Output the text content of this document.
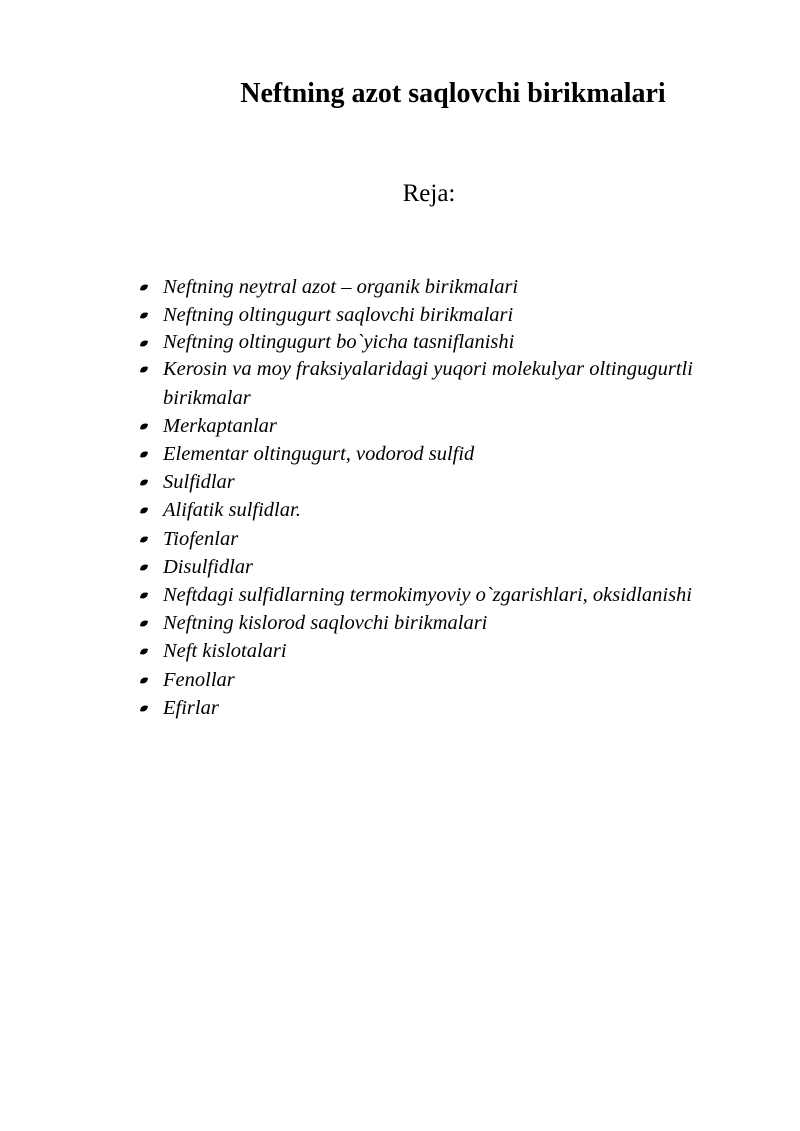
Neftning azot saqlovchi birikmalari
Reja:
Neftning neytral azot – organik birikmalari
Neftning oltingugurt saqlovchi birikmalari
Neftning oltingugurt bo`yicha tasniflanishi
Kerosin va moy fraksiyalaridagi yuqori molekulyar oltingugurtli birikmalar
Merkaptanlar
Elementar oltingugurt, vodorod sulfid
Sulfidlar
Alifatik sulfidlar.
Tiofenlar
Disulfidlar
Neftdagi sulfidlarning termokimyoviy o`zgarishlari, oksidlanishi
Neftning kislorod saqlovchi birikmalari
Neft kislotalari
Fenollar
Efirlar
